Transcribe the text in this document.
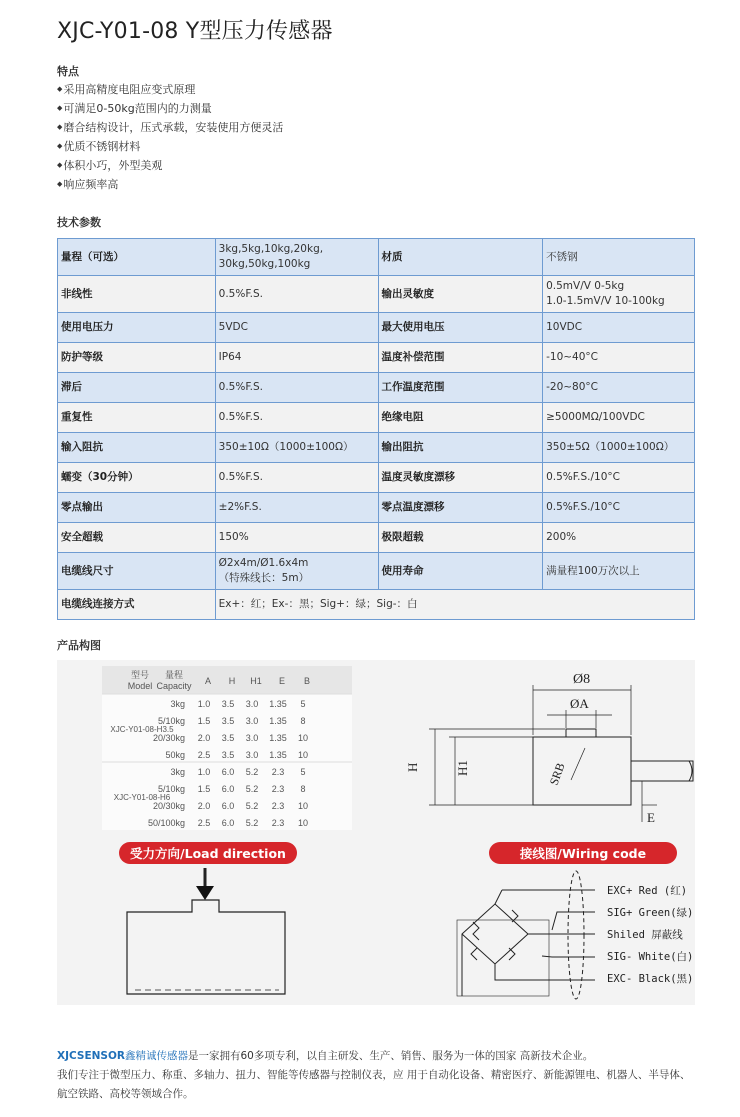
XJC-Y01-08 Y型压力传感器
特点
◆ 采用高精度电阻应变式原理
◆ 可满足0-50kg范围内的力测量
◆ 磨合结构设计，压式承载，安装使用方便灵活
◆ 优质不锈钢材料
◆ 体积小巧，外型美观
◆ 响应频率高
技术参数
量程（可选）	3kg,5kg,10kg,20kg,
30kg,50kg,100kg	材质	不锈钢

非线性	0.5%F.S.	输出灵敏度	0.5mV/V 0-5kg
1.0-1.5mV/V 10-100kg

使用电压力	5VDC	最大使用电压	10VDC

防护等级	IP64	温度补偿范围	-10~40°C

滞后	0.5%F.S.	工作温度范围	-20~80°C

重复性	0.5%F.S.	绝缘电阻	≥5000MΩ/100VDC

输入阻抗	350±10Ω（1000±100Ω）	输出阻抗	350±5Ω（1000±100Ω）

蠕变（30分钟）	0.5%F.S.	温度灵敏度漂移	0.5%F.S./10°C

零点输出	±2%F.S.	零点温度漂移	0.5%F.S./10°C

安全超载	150%	极限超载	200%

电缆线尺寸	Ø2x4m/Ø1.6x4m
（特殊线长：5m）	使用寿命	满量程100万次以上

电缆线连接方式	Ex+：红；Ex-：黑；Sig+：绿；Sig-：白		
产品构图
型号
Model
量程
Capacity A H H1 E B
XJC-Y01-08-H3.5
3kg 1.0 3.5 3.0 1.35 5
5/10kg 1.5 3.5 3.0 1.35 8
20/30kg 2.0 3.5 3.0 1.35 10
50kg 2.5 3.5 3.0 1.35 10
XJC-Y01-08-H6
3kg 1.0 6.0 5.2 2.3 5
5/10kg 1.5 6.0 5.2 2.3 8
20/30kg 2.0 6.0 5.2 2.3 10
50/100kg 2.5 6.0 5.2 2.3 10
Ø8
ØA
H	H1
E
SRB
受力方向/Load direction	接线图/Wiring code
EXC+ Red (红)
SIG+ Green(绿)
Shiled 屏蔽线
SIG- White(白)
EXC- Black(黑)
XJCSENSOR鑫精诚传感器是一家拥有60多项专利，以自主研发、生产、销售、服务为一体的国家 高新技术企业。
我们专注于微型压力、称重、多轴力、扭力、智能等传感器与控制仪表，应 用于自动化设备、精密医疗、新能源锂电、机器人、半导体、
航空铁路、高校等领域合作。
